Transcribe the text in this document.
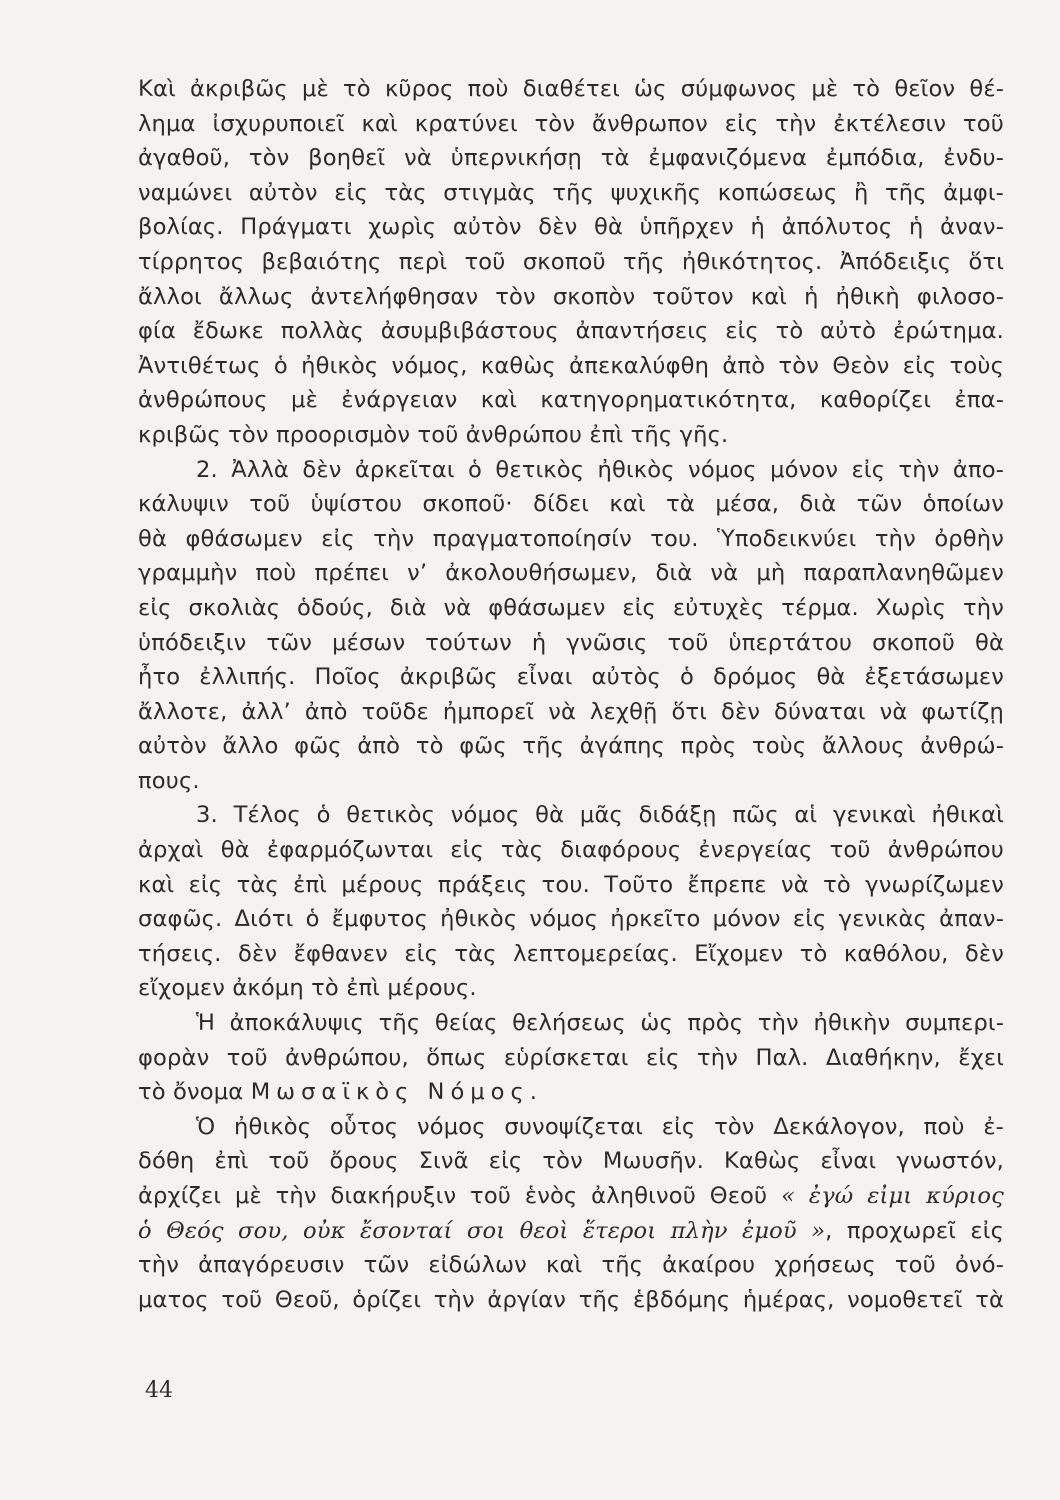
Καὶ ἀκριβῶς μὲ τὸ κῦρος ποὺ διαθέτει ὡς σύμφωνος μὲ τὸ θεῖον θέ-
λημα ἰσχυρυποιεῖ καὶ κρατύνει τὸν ἄνθρωπον εἰς τὴν ἐκτέλεσιν τοῦ
ἀγαθοῦ, τὸν βοηθεῖ νὰ ὑπερνικήσῃ τὰ ἐμφανιζόμενα ἐμπόδια, ἐνδυ-
ναμώνει αὐτὸν εἰς τὰς στιγμὰς τῆς ψυχικῆς κοπώσεως ἢ τῆς ἀμφι-
βολίας. Πράγματι χωρὶς αὐτὸν δὲν θὰ ὑπῆρχεν ἡ ἀπόλυτος ἡ ἀναν-
τίρρητος βεβαιότης περὶ τοῦ σκοποῦ τῆς ἠθικότητος. Ἀπόδειξις ὅτι
ἄλλοι ἄλλως ἀντελήφθησαν τὸν σκοπὸν τοῦτον καὶ ἡ ἠθικὴ φιλοσο-
φία ἔδωκε πολλὰς ἀσυμβιβάστους ἀπαντήσεις εἰς τὸ αὐτὸ ἐρώτημα.
Ἀντιθέτως ὁ ἠθικὸς νόμος, καθὼς ἀπεκαλύφθη ἀπὸ τὸν Θεὸν εἰς τοὺς
ἀνθρώπους μὲ ἐνάργειαν καὶ κατηγορηματικότητα, καθορίζει ἐπα-
κριβῶς τὸν προορισμὸν τοῦ ἀνθρώπου ἐπὶ τῆς γῆς.
2. Ἀλλὰ δὲν ἀρκεῖται ὁ θετικὸς ἠθικὸς νόμος μόνον εἰς τὴν ἀπο-
κάλυψιν τοῦ ὑψίστου σκοποῦ· δίδει καὶ τὰ μέσα, διὰ τῶν ὁποίων
θὰ φθάσωμεν εἰς τὴν πραγματοποίησίν του. Ὑποδεικνύει τὴν ὀρθὴν
γραμμὴν ποὺ πρέπει ν’ ἀκολουθήσωμεν, διὰ νὰ μὴ παραπλανηθῶμεν
εἰς σκολιὰς ὁδούς, διὰ νὰ φθάσωμεν εἰς εὐτυχὲς τέρμα. Χωρὶς τὴν
ὑπόδειξιν τῶν μέσων τούτων ἡ γνῶσις τοῦ ὑπερτάτου σκοποῦ θὰ
ἦτο ἐλλιπής. Ποῖος ἀκριβῶς εἶναι αὐτὸς ὁ δρόμος θὰ ἐξετάσωμεν
ἄλλοτε, ἀλλ’ ἀπὸ τοῦδε ἠμπορεῖ νὰ λεχθῇ ὅτι δὲν δύναται νὰ φωτίζῃ
αὐτὸν ἄλλο φῶς ἀπὸ τὸ φῶς τῆς ἀγάπης πρὸς τοὺς ἄλλους ἀνθρώ-
πους.
3. Τέλος ὁ θετικὸς νόμος θὰ μᾶς διδάξῃ πῶς αἱ γενικαὶ ἠθικαὶ
ἀρχαὶ θὰ ἐφαρμόζωνται εἰς τὰς διαφόρους ἐνεργείας τοῦ ἀνθρώπου
καὶ εἰς τὰς ἐπὶ μέρους πράξεις του. Τοῦτο ἔπρεπε νὰ τὸ γνωρίζωμεν
σαφῶς. Διότι ὁ ἔμφυτος ἠθικὸς νόμος ἠρκεῖτο μόνον εἰς γενικὰς ἀπαν-
τήσεις. δὲν ἔφθανεν εἰς τὰς λεπτομερείας. Εἴχομεν τὸ καθόλου, δὲν
εἴχομεν ἀκόμη τὸ ἐπὶ μέρους.
Ἡ ἀποκάλυψις τῆς θείας θελήσεως ὡς πρὸς τὴν ἠθικὴν συμπερι-
φορὰν τοῦ ἀνθρώπου, ὅπως εὑρίσκεται εἰς τὴν Παλ. Διαθήκην, ἔχει
τὸ ὄνομα Μωσαϊκὸς Νόμος.
Ὁ ἠθικὸς οὗτος νόμος συνοψίζεται εἰς τὸν Δεκάλογον, ποὺ ἐ-
δόθη ἐπὶ τοῦ ὄρους Σινᾶ εἰς τὸν Μωυσῆν. Καθὼς εἶναι γνωστόν,
ἀρχίζει μὲ τὴν διακήρυξιν τοῦ ἑνὸς ἀληθινοῦ Θεοῦ « ἐγώ εἰμι κύριος
ὁ Θεός σου, οὐκ ἔσονταί σοι θεοὶ ἕτεροι πλὴν ἐμοῦ », προχωρεῖ εἰς
τὴν ἀπαγόρευσιν τῶν εἰδώλων καὶ τῆς ἀκαίρου χρήσεως τοῦ ὀνό-
ματος τοῦ Θεοῦ, ὁρίζει τὴν ἀργίαν τῆς ἑβδόμης ἡμέρας, νομοθετεῖ τὰ
44
